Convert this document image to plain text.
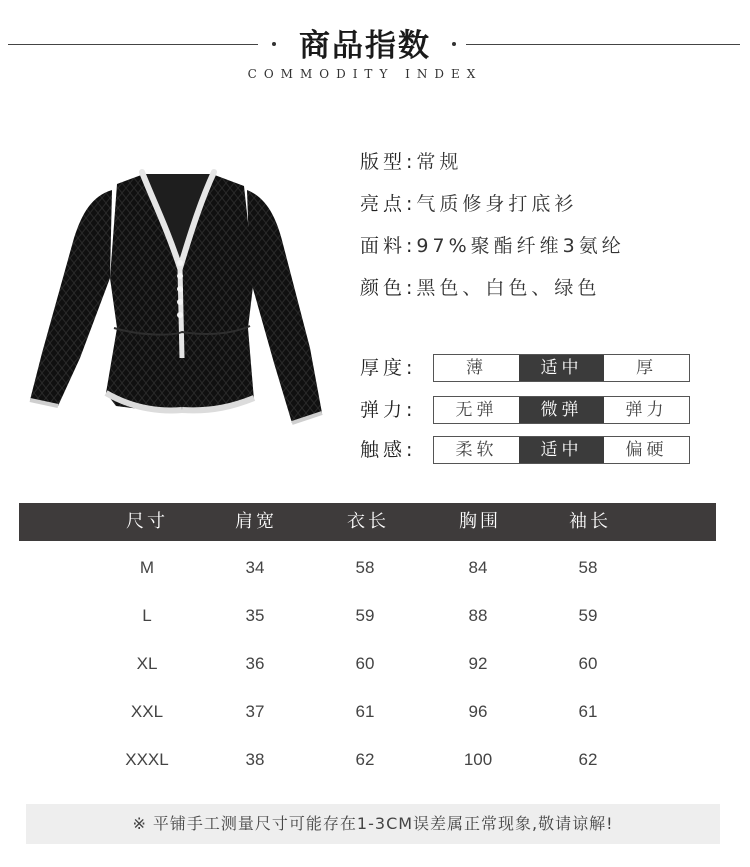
商品指数
COMMODITY INDEX
版型:常规
亮点:气质修身打底衫
面料:97%聚酯纤维3氨纶
颜色:黑色、白色、绿色
厚度:	薄	适中	厚
弹力:	无弹	微弹	弹力
触感:	柔软	适中	偏硬
尺寸	肩宽	衣长	胸围	袖长
M	34	58	84	58
L	35	59	88	59
XL	36	60	92	60
XXL	37	61	96	61
XXXL	38	62	100	62
※ 平铺手工测量尺寸可能存在1-3CM误差属正常现象,敬请谅解!
